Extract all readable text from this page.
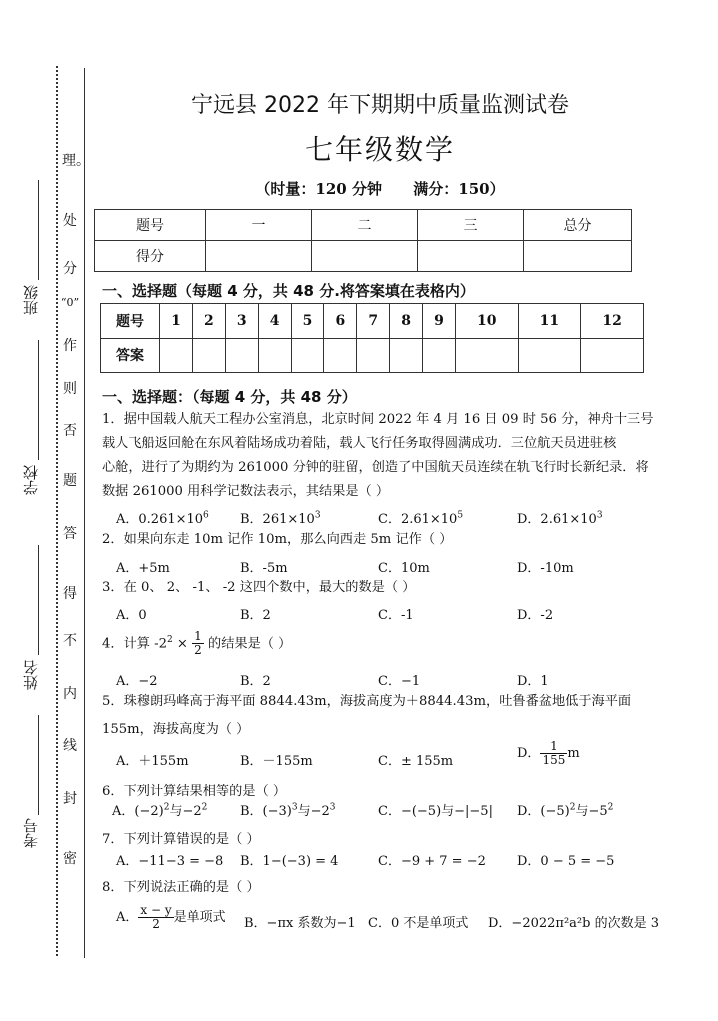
理。
处
分
“0”
作
则
否
题
答
得
不
内
线
封
密
班级
学校
姓名
考号
宁远县 2022 年下期期中质量监测试卷
七年级数学
（时量：120 分钟      满分：150）
题号	一	二	三	总分
得分				
一、选择题（每题 4 分，共 48 分.将答案填在表格内）
题号	1	2	3	4	5	6	7	8	9	10	11	12
答案												
一、选择题：（每题 4 分，共 48 分）
1．据中国载人航天工程办公室消息，北京时间 2022 年 4 月 16 日 09 时 56 分，神舟十三号
载人飞船返回舱在东风着陆场成功着陆，载人飞行任务取得圆满成功．三位航天员进驻核
心舱，进行了为期约为 261000 分钟的驻留，创造了中国航天员连续在轨飞行时长新纪录．将
数据 261000 用科学记数法表示，其结果是（ ）
A．$0.261\times 10^6$ B．$261\times 10^3$	C．$2.61\times 10^5$	D．$2.61\times 10^3$
2．如果向东走 10m 记作 10m，那么向西走 5m 记作（ ）
A．+5m	B．-5m	C．10m	D．-10m
3．在 0、 2、 -1、 -2 这四个数中，最大的数是（ ）
A．0	B．2	C．-1	D．-2
4．计算 $-2^2 \times \frac{1}{2}$ 的结果是（ ）
A．−2	B．2	C．−1	D．1
5．珠穆朗玛峰高于海平面 8844.43m，海拔高度为＋8844.43m，吐鲁番盆地低于海平面
155m，海拔高度为（ ）
A．＋155m	B．－155m	C．± 155m
D． $\frac{1}{155}$ m
6．下列计算结果相等的是（ ）
A．$(-2)^2$与$-2^2$	B．$(-3)^3$与$-2^3$	C．−(−5)与−|−5| D．$(-5)^2$与$-5^2$
7．下列计算错误的是（ ）
A．−11−3 = −8 B．1−(−3) = 4	C．−9 + 7 = −2 D．0 − 5 = −5
8．下列说法正确的是（ ）
A． $\frac{x - y}{2}$ 是单项式 B．−πx 系数为−1 C．0 不是单项式 D．−2022π²a²b 的次数是 3
